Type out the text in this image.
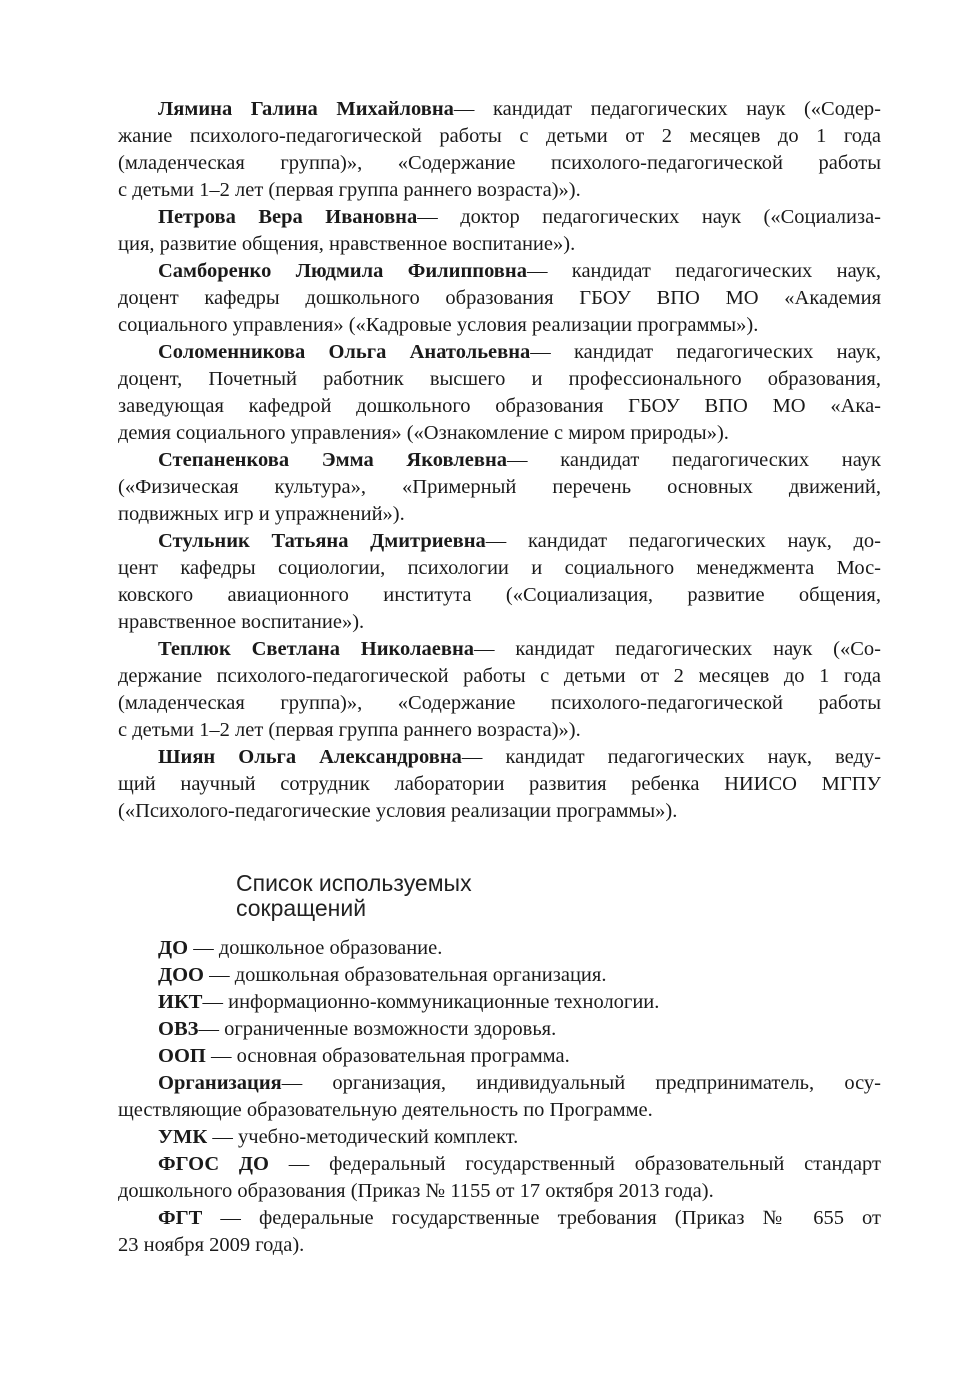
Лямина Галина Михайловна— кандидат педагогических наук («Содер-
жание психолого-педагогической работы с детьми от 2 месяцев до 1 года
(младенческая группа)», «Содержание психолого-педагогической работы
с детьми 1–2 лет (первая группа раннего возраста)»).
Петрова Вера Ивановна— доктор педагогических наук («Социализа-
ция, развитие общения, нравственное воспитание»).
Самборенко Людмила Филипповна— кандидат педагогических наук,
доцент кафедры дошкольного образования ГБОУ ВПО МО «Академия
социального управления» («Кадровые условия реализации программы»).
Соломенникова Ольга Анатольевна— кандидат педагогических наук,
доцент, Почетный работник высшего и профессионального образования,
заведующая кафедрой дошкольного образования ГБОУ ВПО МО «Ака-
демия социального управления» («Ознакомление с миром природы»).
Степаненкова Эмма Яковлевна— кандидат педагогических наук
(«Физическая культура», «Примерный перечень основных движений,
подвижных игр и упражнений»).
Стульник Татьяна Дмитриевна— кандидат педагогических наук, до-
цент кафедры социологии, психологии и социального менеджмента Мос-
ковского авиационного института («Социализация, развитие общения,
нравственное воспитание»).
Теплюк Светлана Николаевна— кандидат педагогических наук («Со-
держание психолого-педагогической работы с детьми от 2 месяцев до 1 года
(младенческая группа)», «Содержание психолого-педагогической работы
с детьми 1–2 лет (первая группа раннего возраста)»).
Шиян Ольга Александровна— кандидат педагогических наук, веду-
щий научный сотрудник лаборатории развития ребенка НИИСО МГПУ
(«Психолого-педагогические условия реализации программы»).
Список используемых
сокращений
ДО — дошкольное образование.
ДОО — дошкольная образовательная организация.
ИКТ— информационно-коммуникационные технологии.
ОВЗ— ограниченные возможности здоровья.
ООП — основная образовательная программа.
Организация— организация, индивидуальный предприниматель, осу-
ществляющие образовательную деятельность по Программе.
УМК — учебно-методический комплект.
ФГОС ДО — федеральный государственный образовательный стандарт
дошкольного образования (Приказ № 1155 от 17 октября 2013 года).
ФГТ — федеральные государственные требования (Приказ № 655 от
23 ноября 2009 года).
